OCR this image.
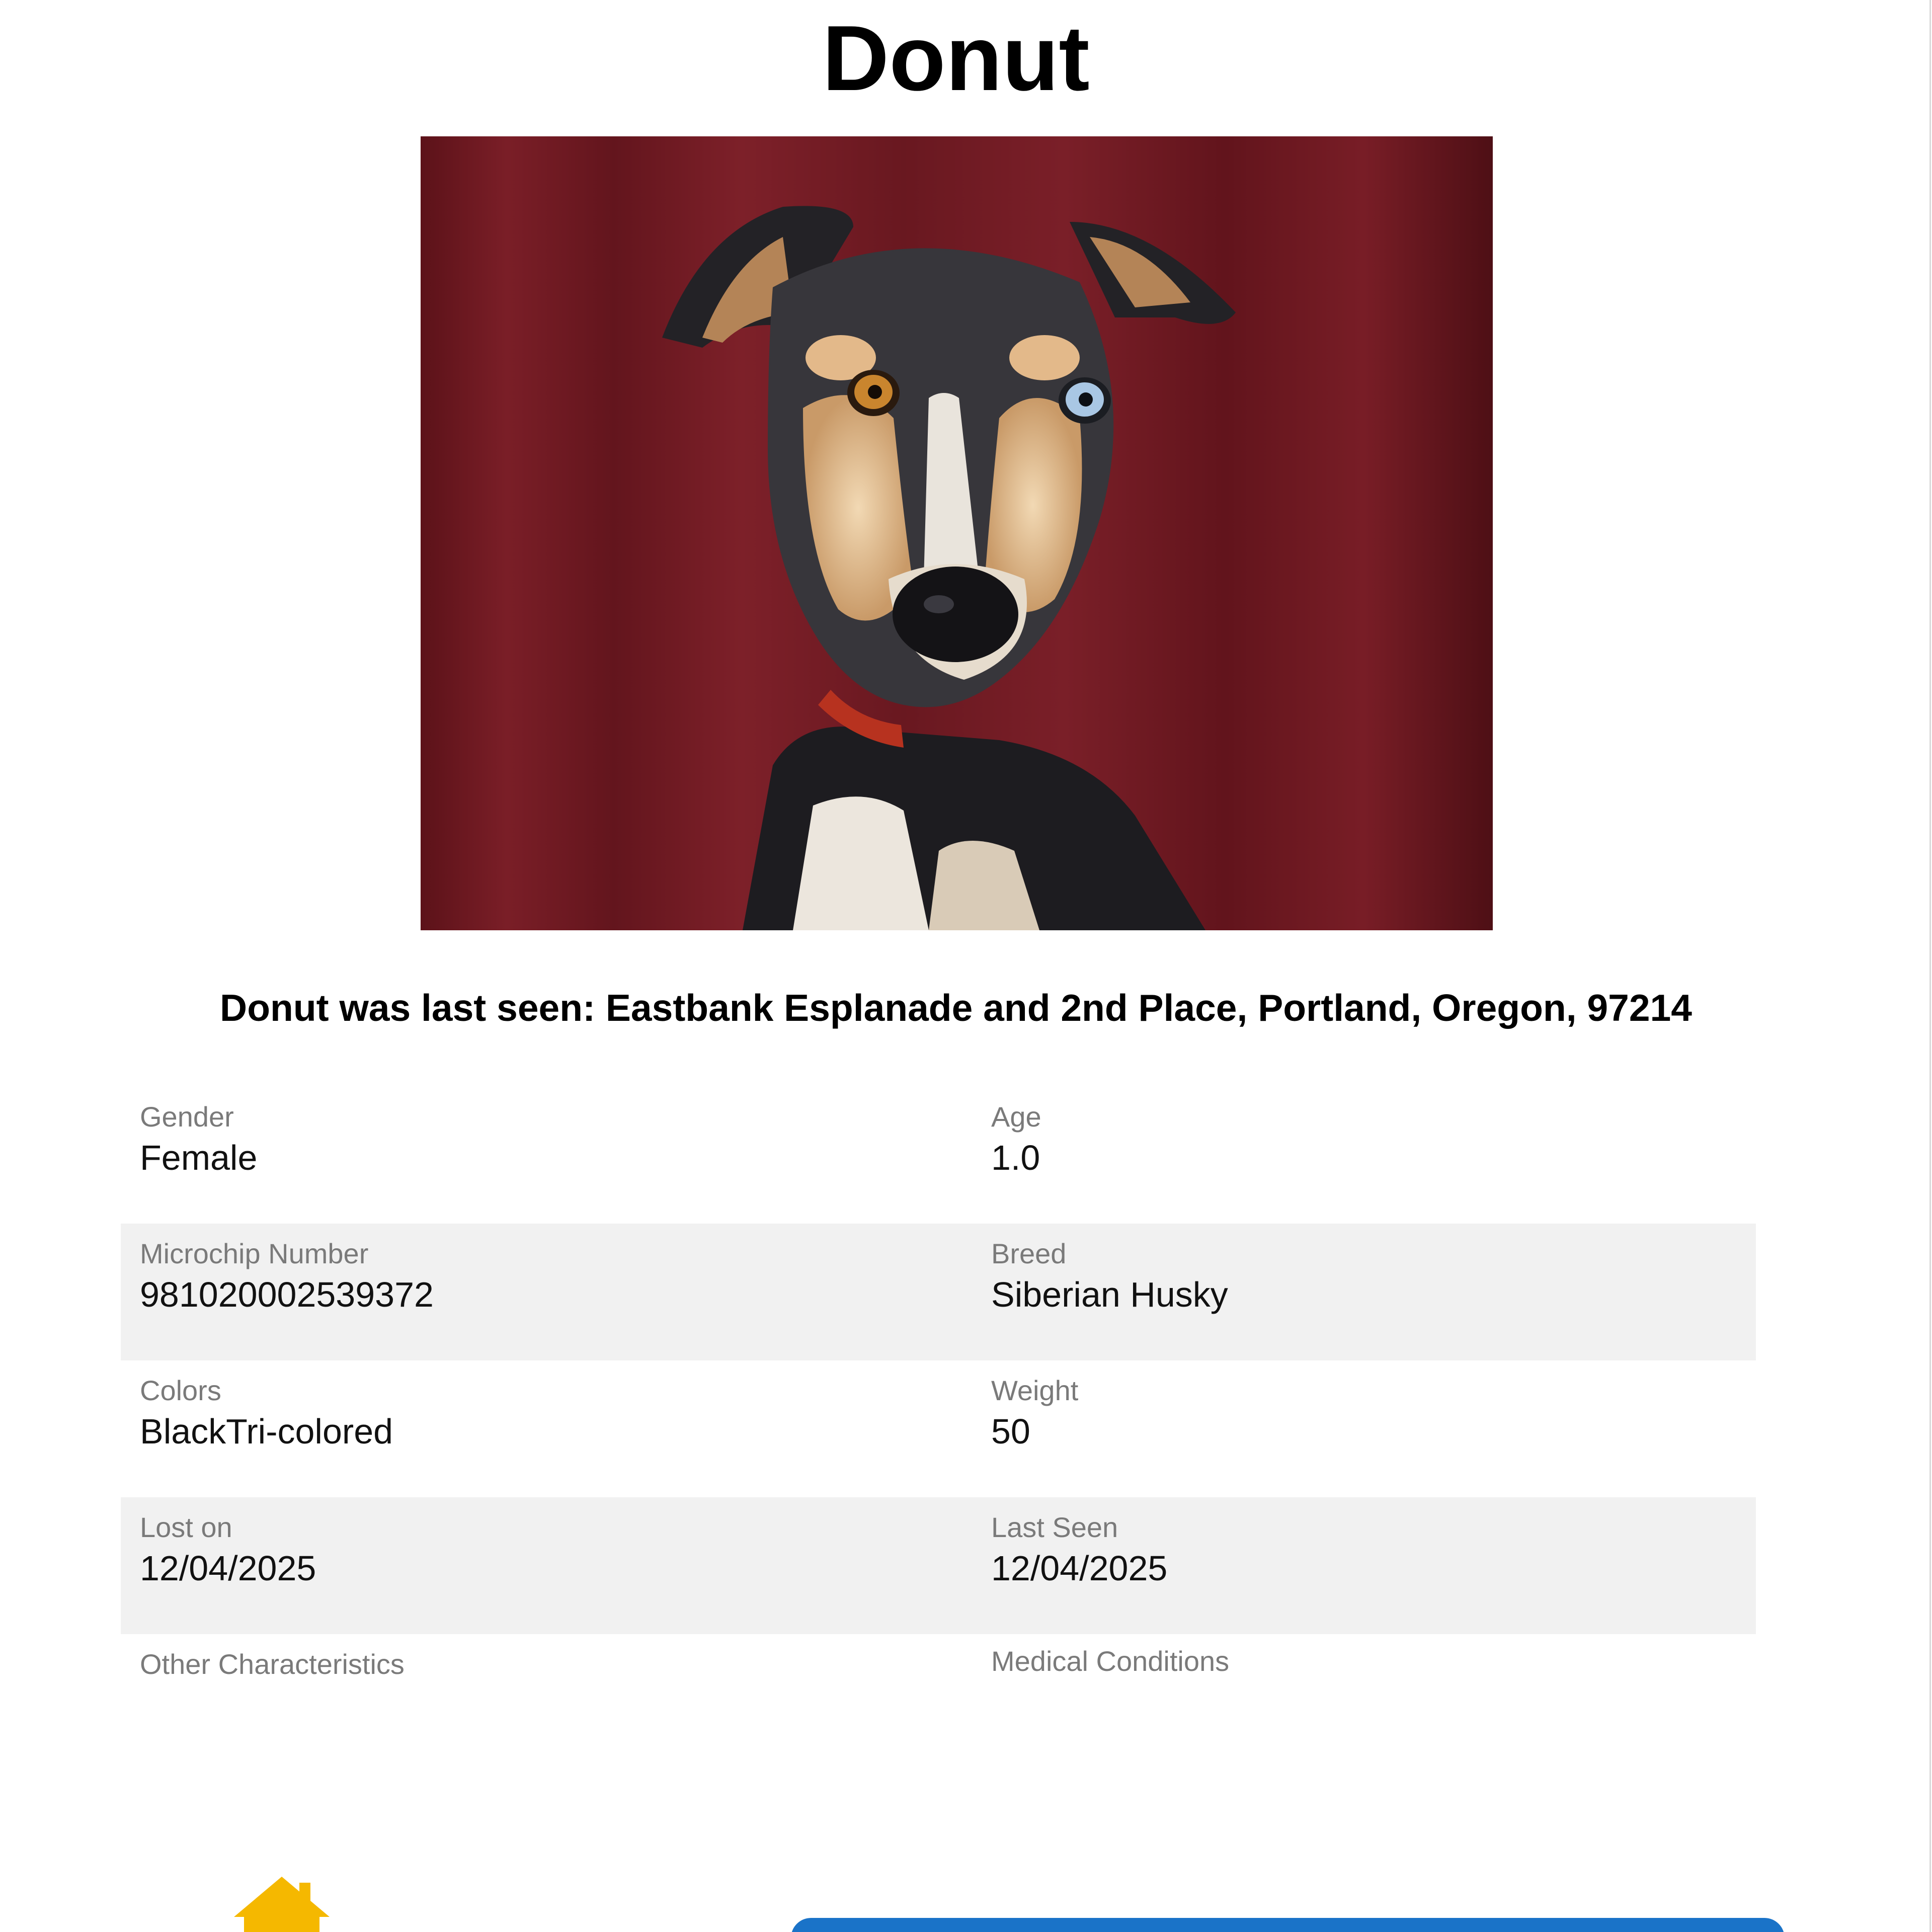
Donut
Donut was last seen: Eastbank Esplanade and 2nd Place, Portland, Oregon, 97214
Gender
Female
Age
1.0
Microchip Number
981020002539372
Breed
Siberian Husky
Colors
BlackTri-colored
Weight
50
Lost on
12/04/2025
Last Seen
12/04/2025
Other Characteristics	Medical Conditions
